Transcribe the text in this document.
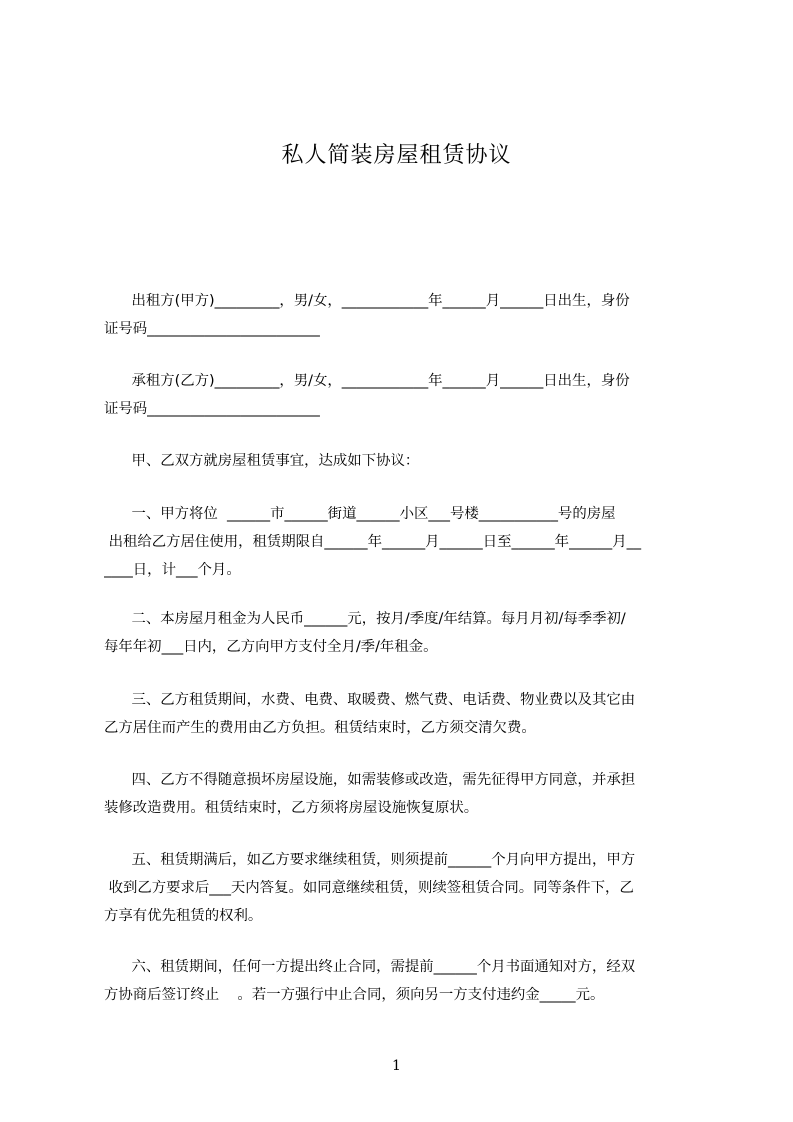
私人简装房屋租赁协议
出租方(甲方)_________，男/女，____________年______月______日出生，身份
证号码________________________
承租方(乙方)_________，男/女，____________年______月______日出生，身份
证号码________________________
甲、乙双方就房屋租赁事宜，达成如下协议：
一、甲方将位  ______市______街道______小区___号楼___________号的房屋
出租给乙方居住使用，租赁期限自______年______月______日至______年______月__
____日，计___个月。
二、本房屋月租金为人民币______元，按月/季度/年结算。每月月初/每季季初/
每年年初___日内，乙方向甲方支付全月/季/年租金。
三、乙方租赁期间，水费、电费、取暖费、燃气费、电话费、物业费以及其它由
乙方居住而产生的费用由乙方负担。租赁结束时，乙方须交清欠费。
四、乙方不得随意损坏房屋设施，如需装修或改造，需先征得甲方同意，并承担
装修改造费用。租赁结束时，乙方须将房屋设施恢复原状。
五、租赁期满后，如乙方要求继续租赁，则须提前______个月向甲方提出，甲方
收到乙方要求后___天内答复。如同意继续租赁，则续签租赁合同。同等条件下，乙
方享有优先租赁的权利。
六、租赁期间，任何一方提出终止合同，需提前______个月书面通知对方，经双
方协商后签订终止    。若一方强行中止合同，须向另一方支付违约金_____元。
1
